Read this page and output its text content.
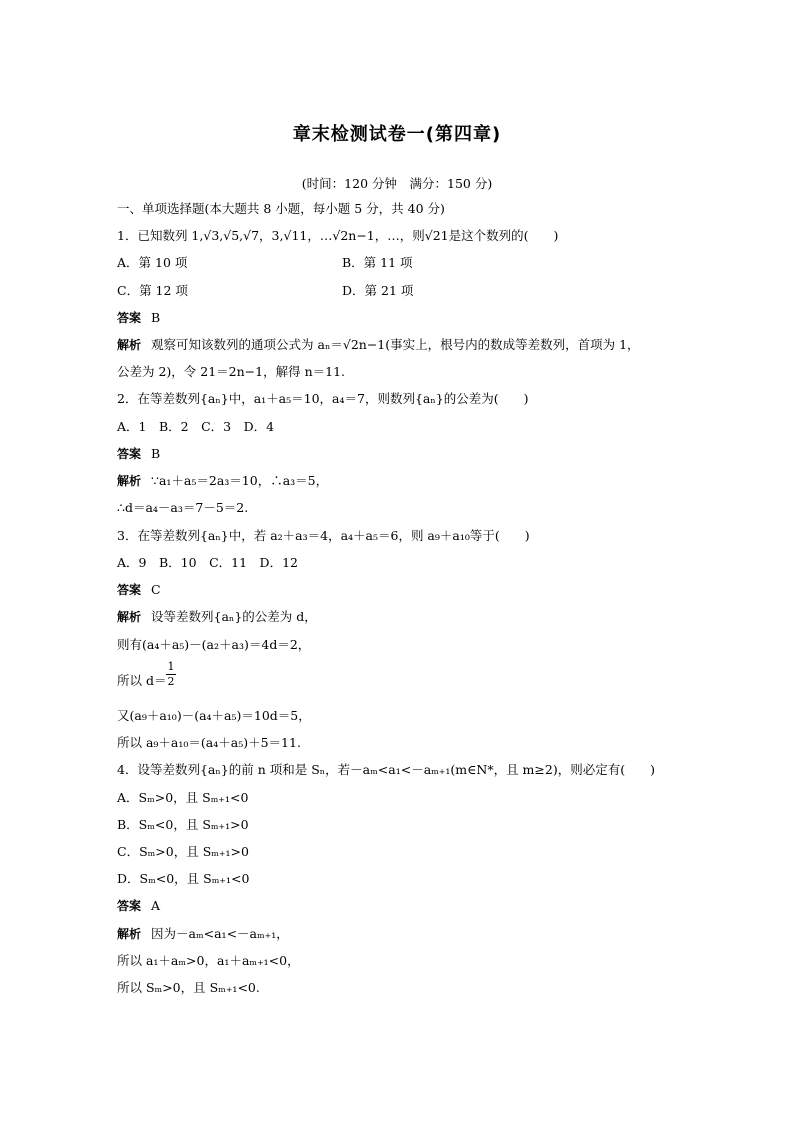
章末检测试卷一(第四章)
(时间：120 分钟　满分：150 分)
一、单项选择题(本大题共 8 小题，每小题 5 分，共 40 分)
1．已知数列 1,√3,√5,√7，3,√11，…√2n−1，…，则√21是这个数列的(　　)
A．第 10 项	B．第 11 项
C．第 12 项	D．第 21 项
答案 B
解析 观察可知该数列的通项公式为 aₙ＝√2n−1(事实上，根号内的数成等差数列，首项为 1，
公差为 2)，令 21＝2n−1，解得 n＝11.
2．在等差数列{aₙ}中，a₁＋a₅＝10，a₄＝7，则数列{aₙ}的公差为(　　)
A．1　B．2　C．3　D．4
答案 B
解析 ∵a₁＋a₅＝2a₃＝10，∴a₃＝5，
∴d＝a₄－a₃＝7－5＝2.
3．在等差数列{aₙ}中，若 a₂＋a₃＝4，a₄＋a₅＝6，则 a₉＋a₁₀等于(　　)
A．9　B．10　C．11　D．12
答案 C
解析 设等差数列{aₙ}的公差为 d，
则有(a₄＋a₅)－(a₂＋a₃)＝4d＝2，
所以 d＝
1
2
又(a₉＋a₁₀)－(a₄＋a₅)＝10d＝5，
所以 a₉＋a₁₀＝(a₄＋a₅)＋5＝11.
4．设等差数列{aₙ}的前 n 项和是 Sₙ，若－aₘ<a₁<－aₘ₊₁(m∈N*，且 m≥2)，则必定有(　　)
A．Sₘ>0，且 Sₘ₊₁<0
B．Sₘ<0，且 Sₘ₊₁>0
C．Sₘ>0，且 Sₘ₊₁>0
D．Sₘ<0，且 Sₘ₊₁<0
答案 A
解析 因为－aₘ<a₁<－aₘ₊₁，
所以 a₁＋aₘ>0，a₁＋aₘ₊₁<0，
所以 Sₘ>0，且 Sₘ₊₁<0.
